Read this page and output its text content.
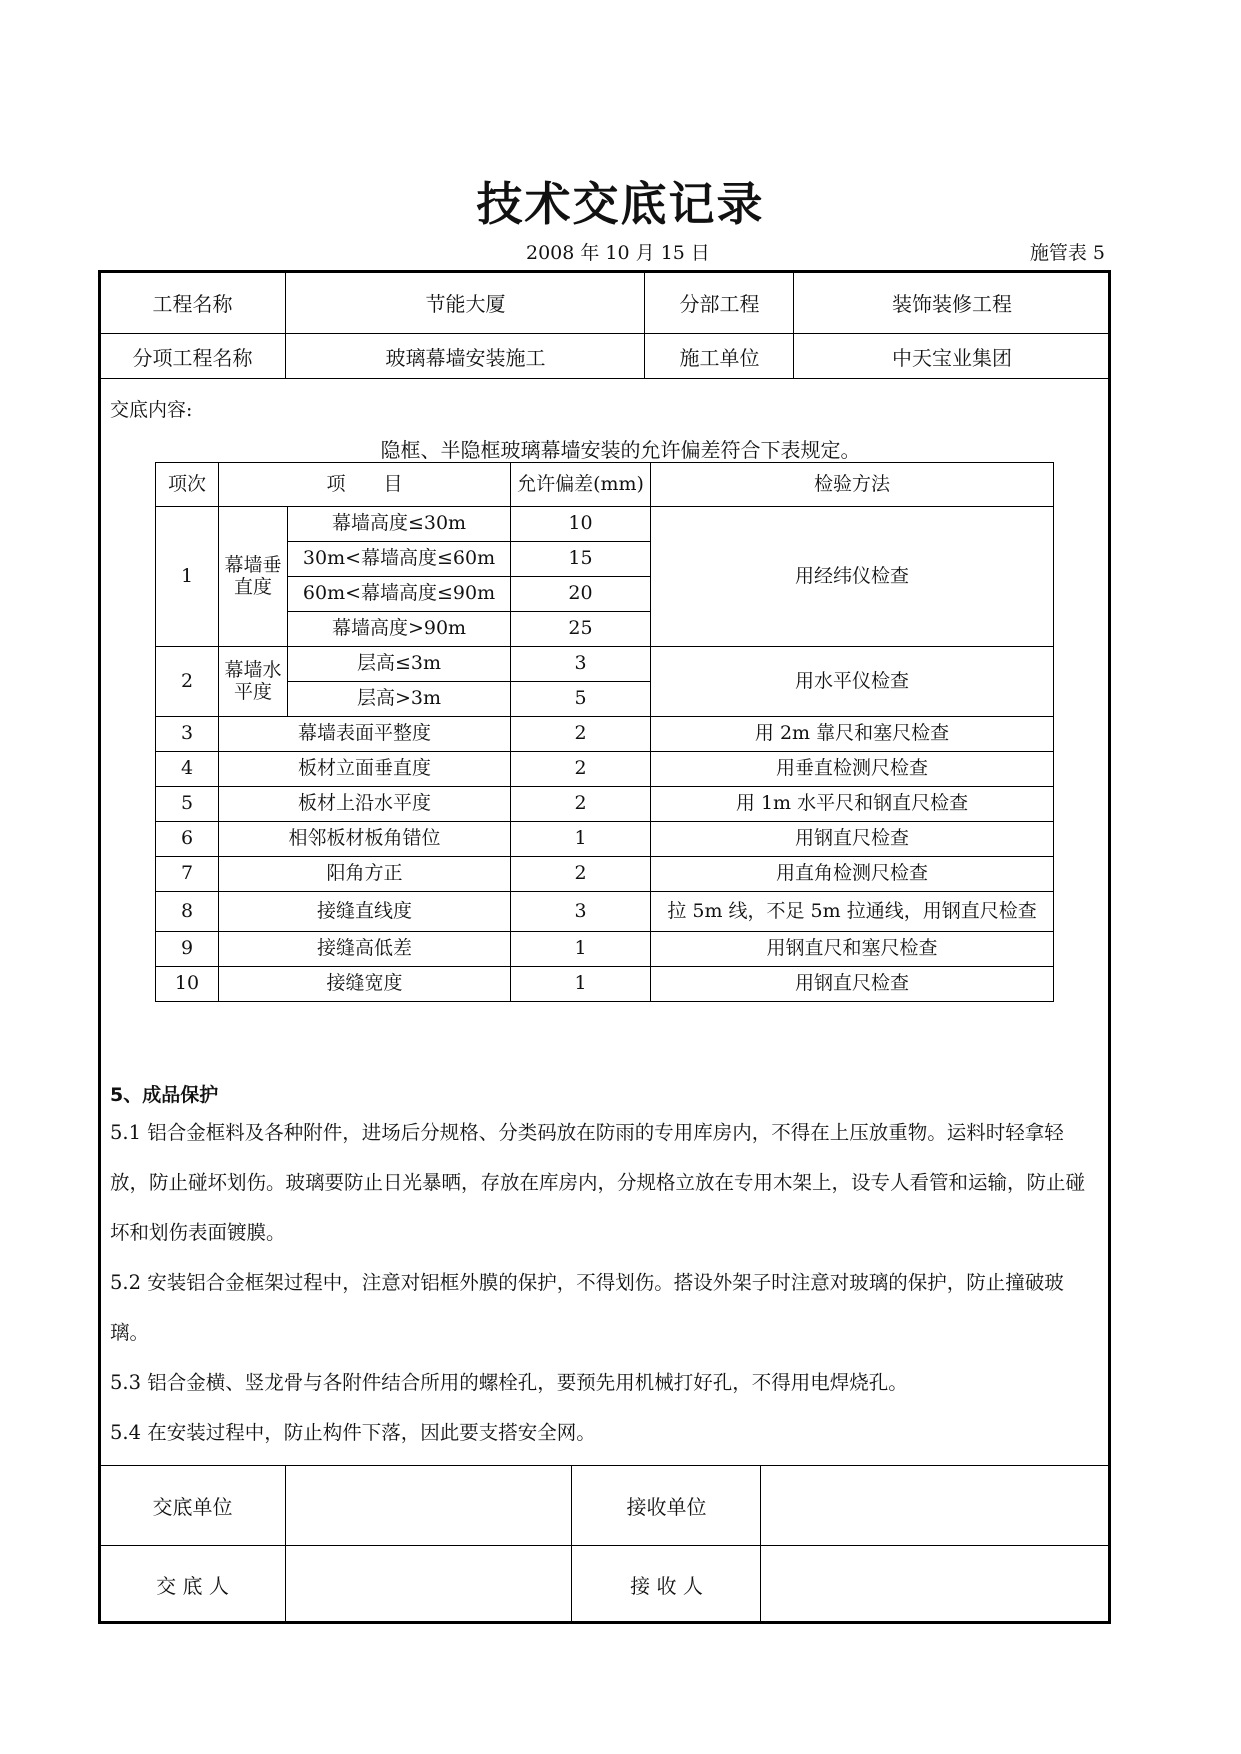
技术交底记录
2008 年 10 月 15 日	施管表 5
工程名称	节能大厦	分部工程	装饰装修工程
分项工程名称	玻璃幕墙安装施工	施工单位	中天宝业集团
交底内容:
隐框、半隐框玻璃幕墙安装的允许偏差符合下表规定。
项次	项　　目		允许偏差(mm)	检验方法
1	幕墙垂直度	幕墙高度≤30m	10	用经纬仪检查
		30m<幕墙高度≤60m	15	
		60m<幕墙高度≤90m	20	
		幕墙高度>90m	25	
2	幕墙水平度	层高≤3m	3	用水平仪检查
		层高>3m	5	
3	幕墙表面平整度		2	用 2m 靠尺和塞尺检查
4	板材立面垂直度		2	用垂直检测尺检查
5	板材上沿水平度		2	用 1m 水平尺和钢直尺检查
6	相邻板材板角错位		1	用钢直尺检查
7	阳角方正		2	用直角检测尺检查
8	接缝直线度		3	拉 5m 线，不足 5m 拉通线，用钢直尺检查
9	接缝高低差		1	用钢直尺和塞尺检查
10	接缝宽度		1	用钢直尺检查
5、成品保护
5.1 铝合金框料及各种附件，进场后分规格、分类码放在防雨的专用库房内，不得在上压放重物。运料时轻拿轻放，防止碰坏划伤。玻璃要防止日光暴晒，存放在库房内，分规格立放在专用木架上，设专人看管和运输，防止碰坏和划伤表面镀膜。
5.2 安装铝合金框架过程中，注意对铝框外膜的保护，不得划伤。搭设外架子时注意对玻璃的保护，防止撞破玻璃。
5.3 铝合金横、竖龙骨与各附件结合所用的螺栓孔，要预先用机械打好孔，不得用电焊烧孔。
5.4 在安装过程中，防止构件下落，因此要支搭安全网。
交底单位	接收单位
交 底 人	接 收 人
